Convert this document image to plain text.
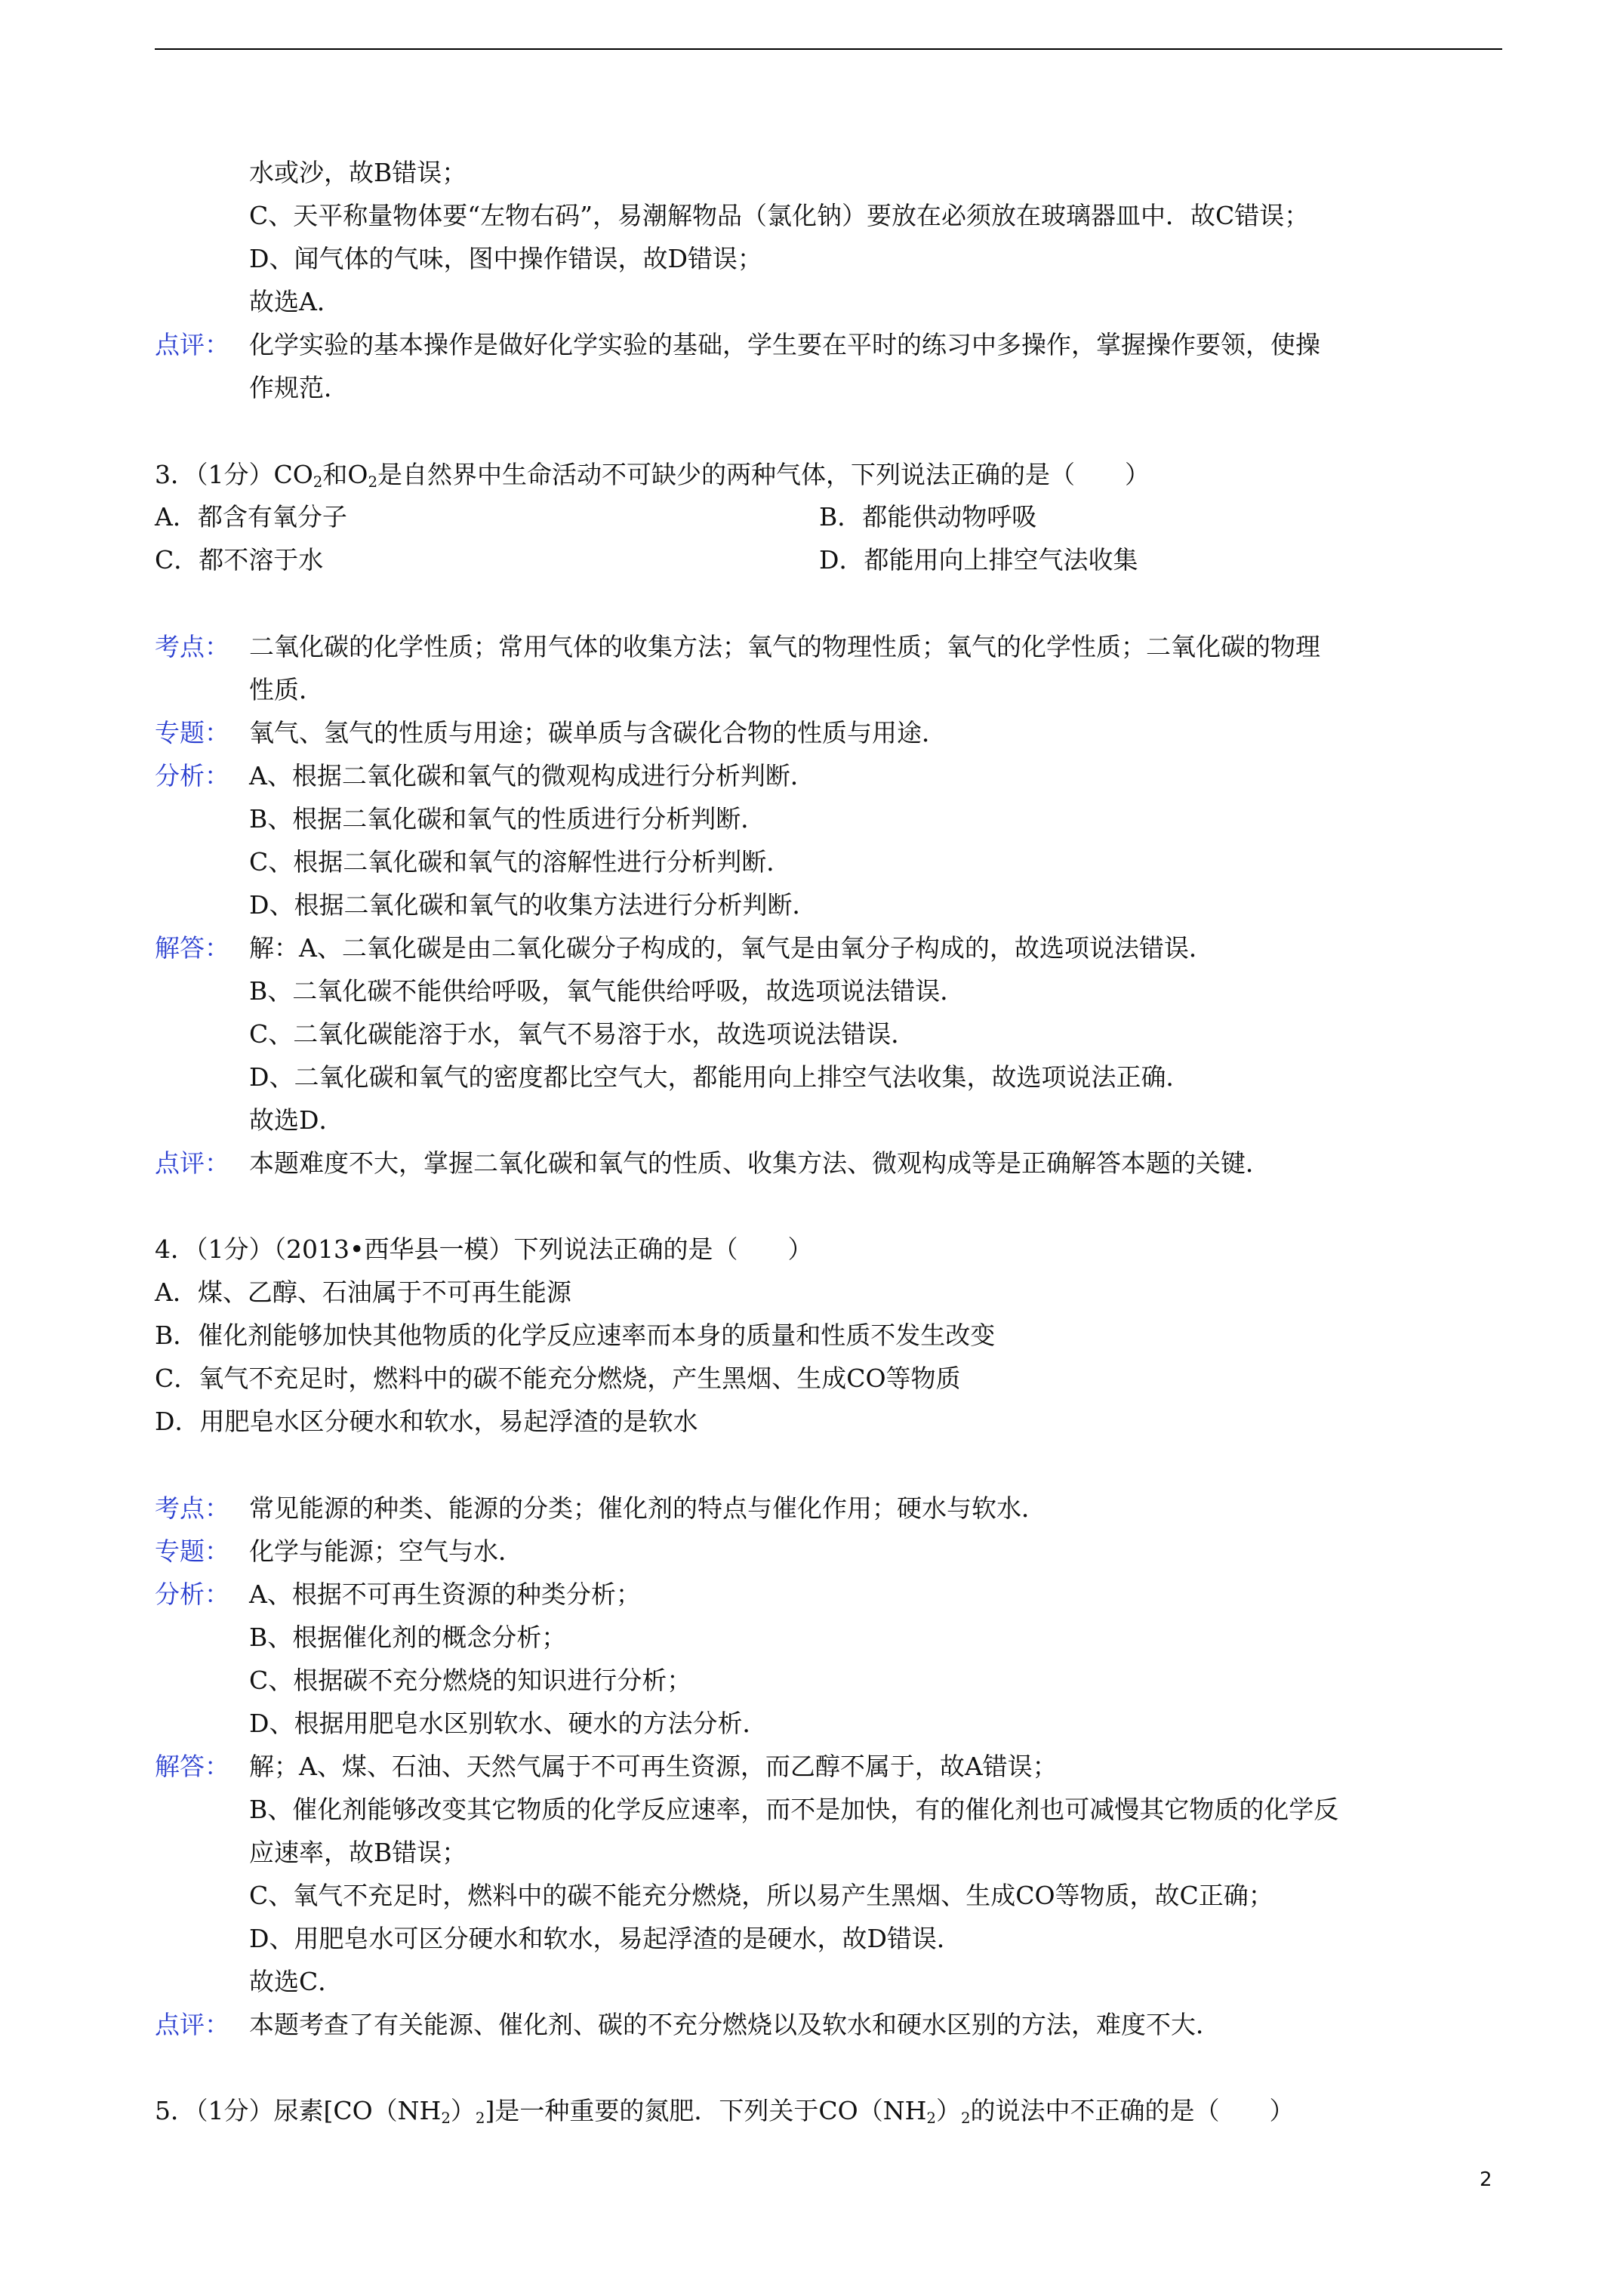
水或沙，故B错误；
C、天平称量物体要“左物右码”，易潮解物品（氯化钠）要放在必须放在玻璃器皿中．故C错误；
D、闻气体的气味，图中操作错误，故D错误；
故选A．
点评： 化学实验的基本操作是做好化学实验的基础，学生要在平时的练习中多操作，掌握操作要领，使操
作规范．
3．（1分）$CO_2$和$O_2$是自然界中生命活动不可缺少的两种气体，下列说法正确的是（　　）
A．都含有氧分子	B．都能供动物呼吸
C．都不溶于水	D．都能用向上排空气法收集
考点： 二氧化碳的化学性质；常用气体的收集方法；氧气的物理性质；氧气的化学性质；二氧化碳的物理
性质．
专题： 氧气、氢气的性质与用途；碳单质与含碳化合物的性质与用途．
分析： A、根据二氧化碳和氧气的微观构成进行分析判断．
B、根据二氧化碳和氧气的性质进行分析判断．
C、根据二氧化碳和氧气的溶解性进行分析判断．
D、根据二氧化碳和氧气的收集方法进行分析判断．
解答： 解：A、二氧化碳是由二氧化碳分子构成的，氧气是由氧分子构成的，故选项说法错误．
B、二氧化碳不能供给呼吸，氧气能供给呼吸，故选项说法错误．
C、二氧化碳能溶于水，氧气不易溶于水，故选项说法错误．
D、二氧化碳和氧气的密度都比空气大，都能用向上排空气法收集，故选项说法正确．
故选D．
点评： 本题难度不大，掌握二氧化碳和氧气的性质、收集方法、微观构成等是正确解答本题的关键．
4．（1分）（2013•西华县一模）下列说法正确的是（　　）
A．煤、乙醇、石油属于不可再生能源
B．催化剂能够加快其他物质的化学反应速率而本身的质量和性质不发生改变
C．氧气不充足时，燃料中的碳不能充分燃烧，产生黑烟、生成CO等物质
D．用肥皂水区分硬水和软水，易起浮渣的是软水
考点： 常见能源的种类、能源的分类；催化剂的特点与催化作用；硬水与软水．
专题： 化学与能源；空气与水．
分析： A、根据不可再生资源的种类分析；
B、根据催化剂的概念分析；
C、根据碳不充分燃烧的知识进行分析；
D、根据用肥皂水区别软水、硬水的方法分析．
解答： 解；A、煤、石油、天然气属于不可再生资源，而乙醇不属于，故A错误；
B、催化剂能够改变其它物质的化学反应速率，而不是加快，有的催化剂也可减慢其它物质的化学反
应速率，故B错误；
C、氧气不充足时，燃料中的碳不能充分燃烧，所以易产生黑烟、生成CO等物质，故C正确；
D、用肥皂水可区分硬水和软水，易起浮渣的是硬水，故D错误．
故选C．
点评： 本题考查了有关能源、催化剂、碳的不充分燃烧以及软水和硬水区别的方法，难度不大．
5．（1分）尿素$[CO(NH_2)_2]$是一种重要的氮肥．下列关于$CO(NH_2)_2$的说法中不正确的是（　　）
2
